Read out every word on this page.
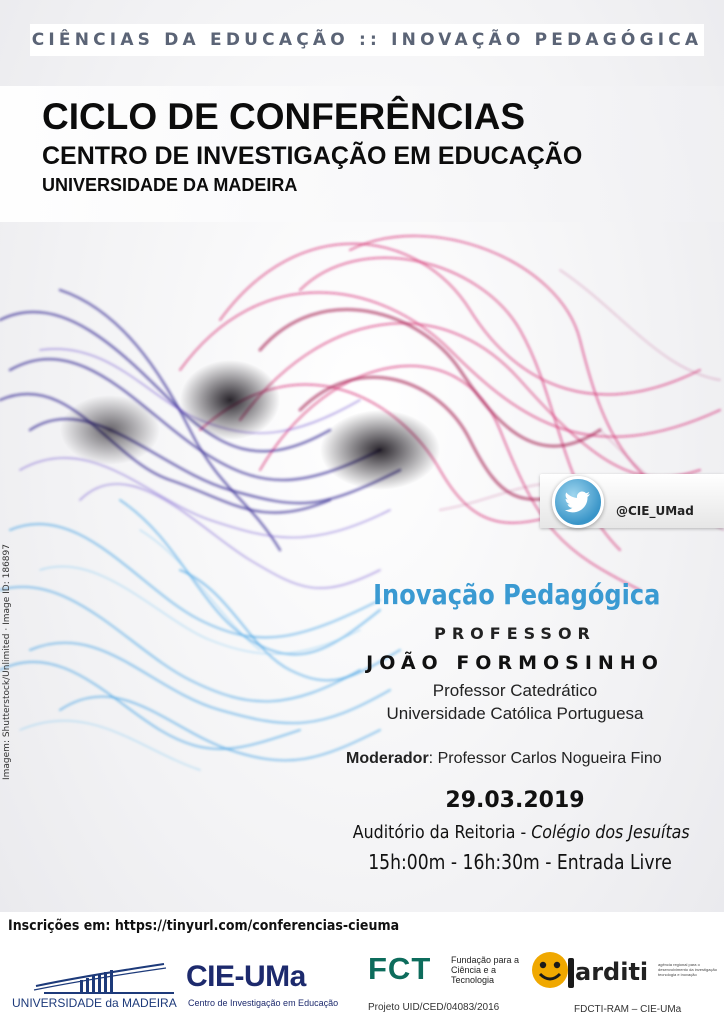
CIÊNCIAS DA EDUCAÇÃO :: INOVAÇÃO PEDAGÓGICA
CICLO DE CONFERÊNCIAS
CENTRO DE INVESTIGAÇÃO EM EDUCAÇÃO
UNIVERSIDADE DA MADEIRA
Imagem: Shutterstock/Unlimited · Image ID: 186897
@CIE_UMad
Inovação Pedagógica
PROFESSOR
JOÃO FORMOSINHO
Professor Catedrático
Universidade Católica Portuguesa
Moderador: Professor Carlos Nogueira Fino
29.03.2019
Auditório da Reitoria - Colégio dos Jesuítas
15h:00m - 16h:30m - Entrada Livre
Inscrições em: https://tinyurl.com/conferencias-cieuma
UNIVERSIDADE da MADEIRA
CIE-UMa
Centro de Investigação em Educação
FCT Fundação para a Ciência e a Tecnologia
Projeto UID/CED/04083/2016
arditi agência regional para o desenvolvimento da investigação tecnologia e inovação
FDCTI-RAM – CIE-UMa
